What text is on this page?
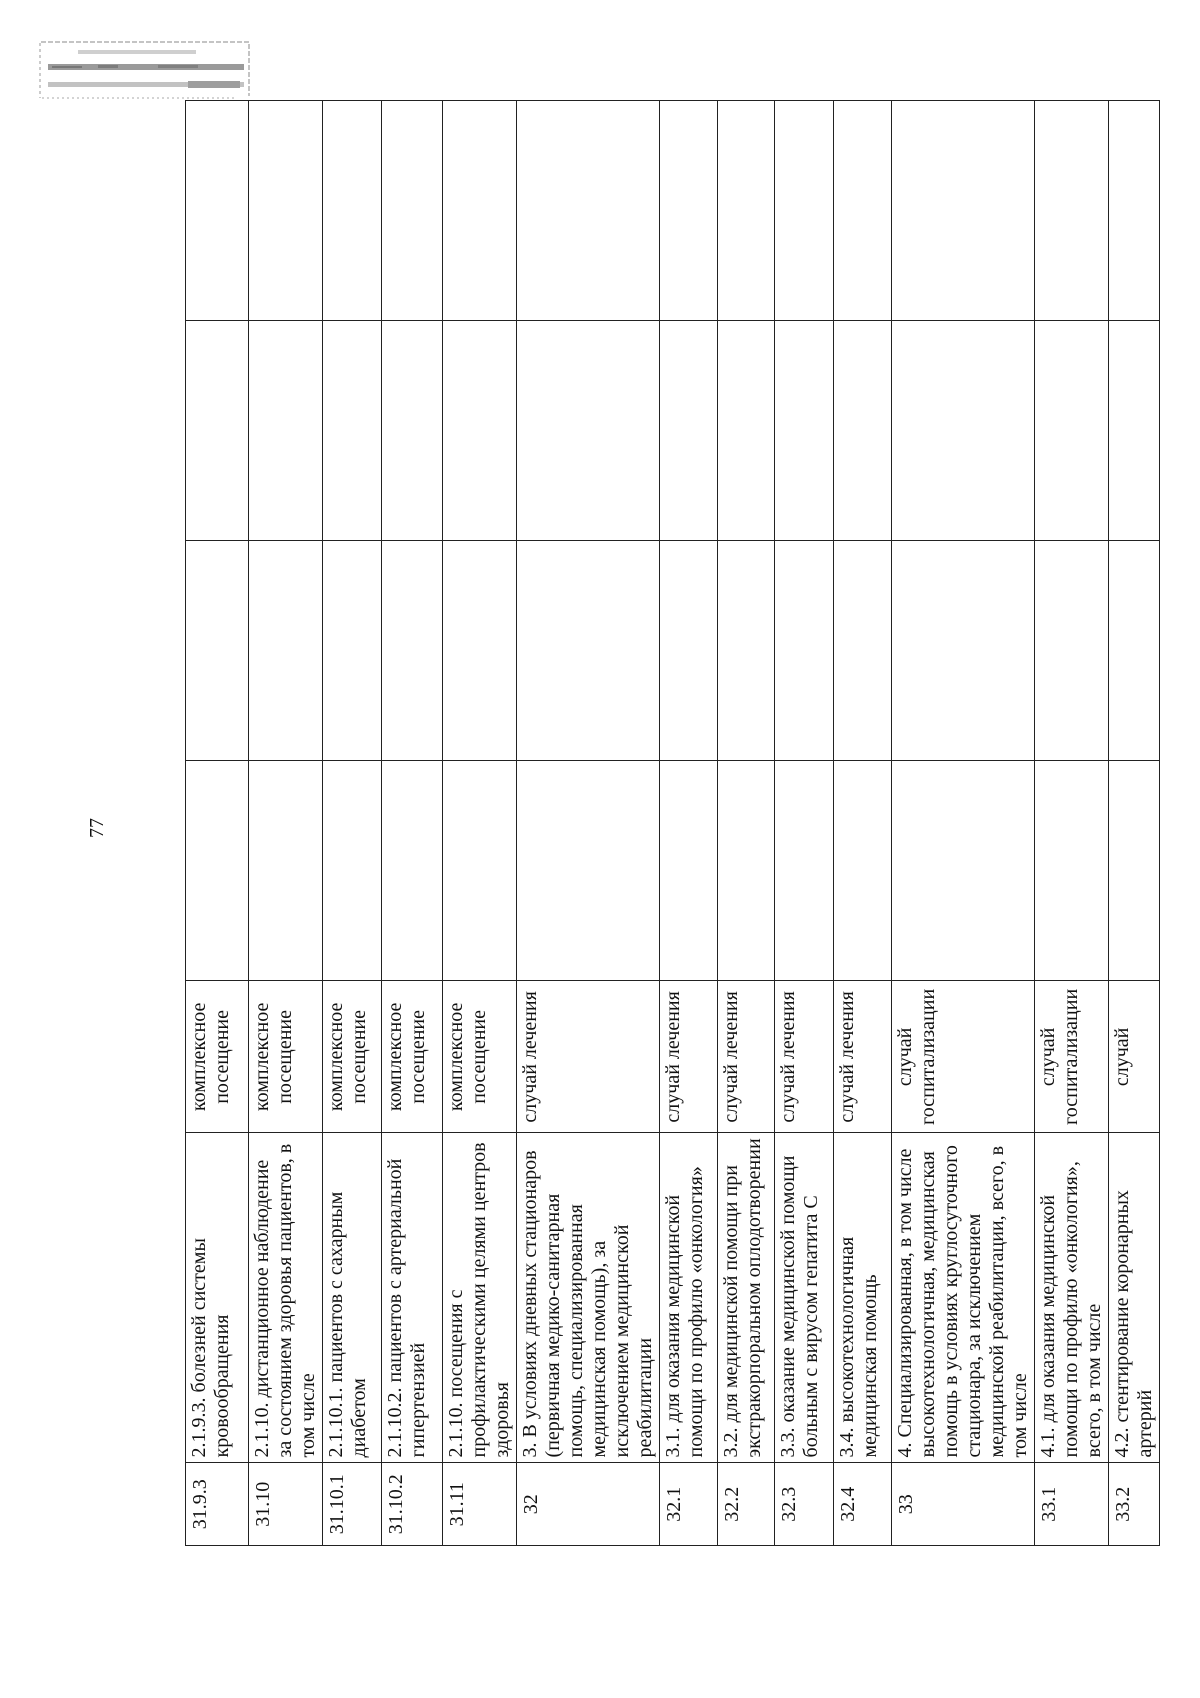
77
31.9.3	2.1.9.3. болезней системы кровообращения	комплексное посещение				
31.10	2.1.10. дистанционное наблюдение за состоянием здоровья пациентов, в том числе	комплексное посещение				
31.10.1	2.1.10.1. пациентов с сахарным диабетом	комплексное посещение				
31.10.2	2.1.10.2. пациентов с артериальной гипертензией	комплексное посещение				
31.11	2.1.10. посещения с профилактическими целями центров здоровья	комплексное посещение				
32	3. В условиях дневных стационаров (первичная медико-санитарная помощь, специализированная медицинская помощь), за исключением медицинской реабилитации	случай лечения				
32.1	3.1. для оказания медицинской помощи по профилю «онкология»	случай лечения				
32.2	3.2. для медицинской помощи при экстракорпоральном оплодотворении	случай лечения				
32.3	3.3. оказание медицинской помощи больным с вирусом гепатита С	случай лечения				
32.4	3.4. высокотехнологичная медицинская помощь	случай лечения				
33	4. Специализированная, в том числе высокотехнологичная, медицинская помощь в условиях круглосуточного стационара, за исключением медицинской реабилитации, всего, в том числе	случай госпитализации				
33.1	4.1. для оказания медицинской помощи по профилю «онкология», всего, в том числе	случай госпитализации				
33.2	4.2. стентирование коронарных артерий	случай				
